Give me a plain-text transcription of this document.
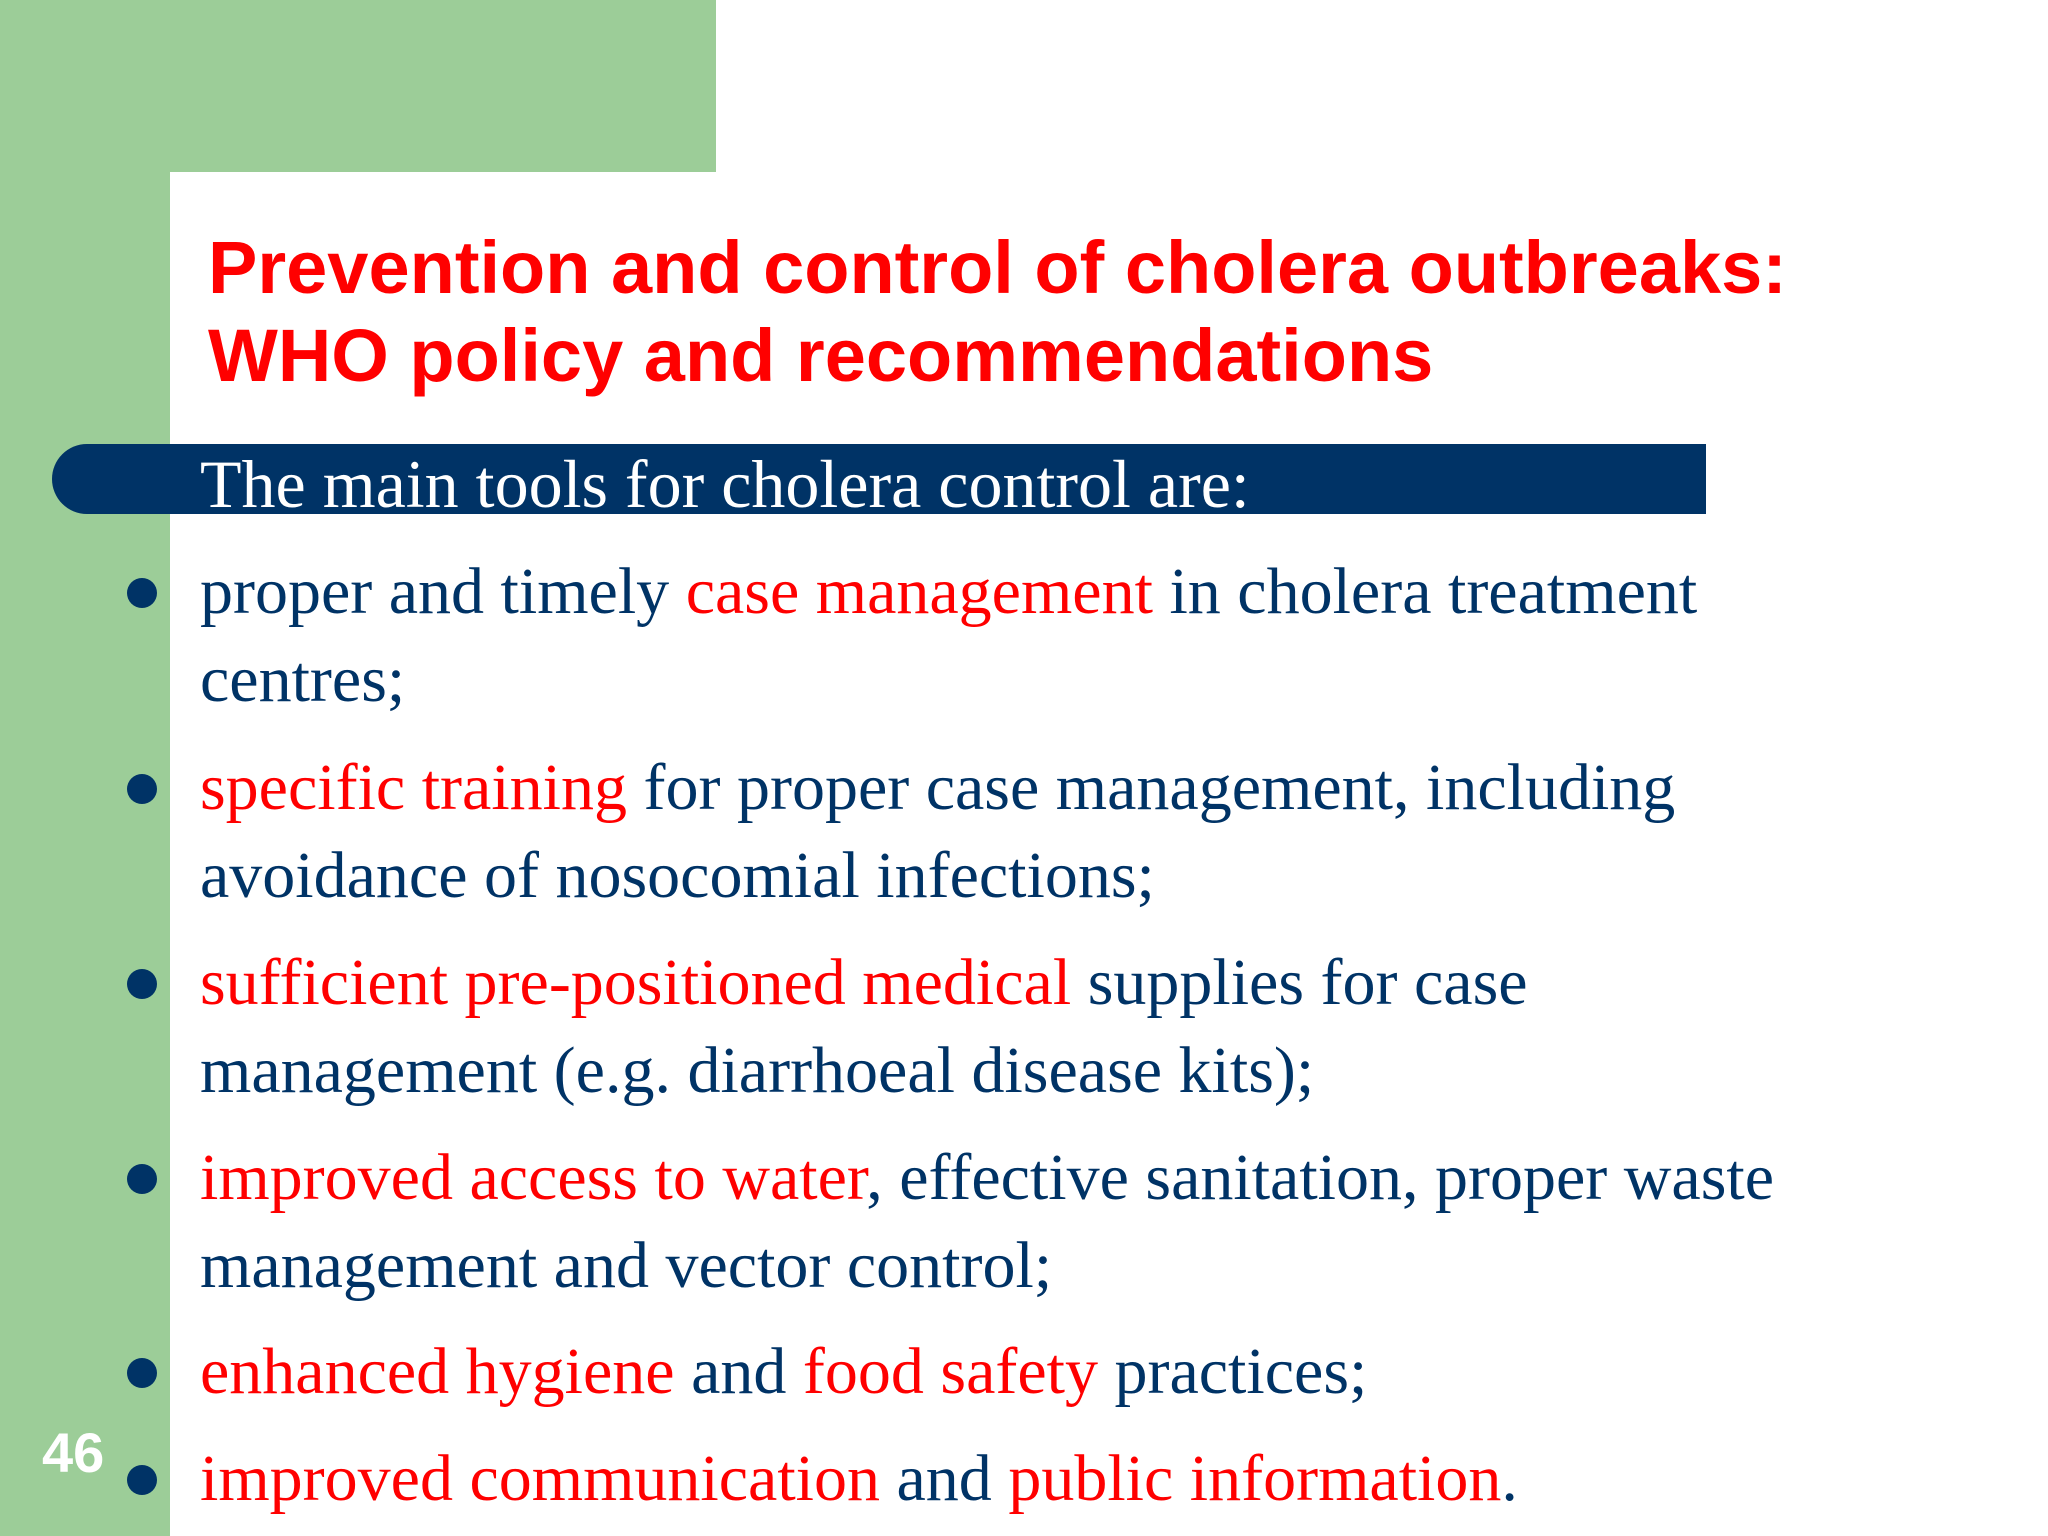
Prevention and control of cholera outbreaks:
WHO policy and recommendations
The main tools for cholera control are:
proper and timely case management in cholera treatment
centres;
specific training for proper case management, including
avoidance of nosocomial infections;
sufficient pre-positioned medical supplies for case
management (e.g. diarrhoeal disease kits);
improved access to water, effective sanitation, proper waste
management and vector control;
enhanced hygiene and food safety practices;
improved communication and public information.
46
